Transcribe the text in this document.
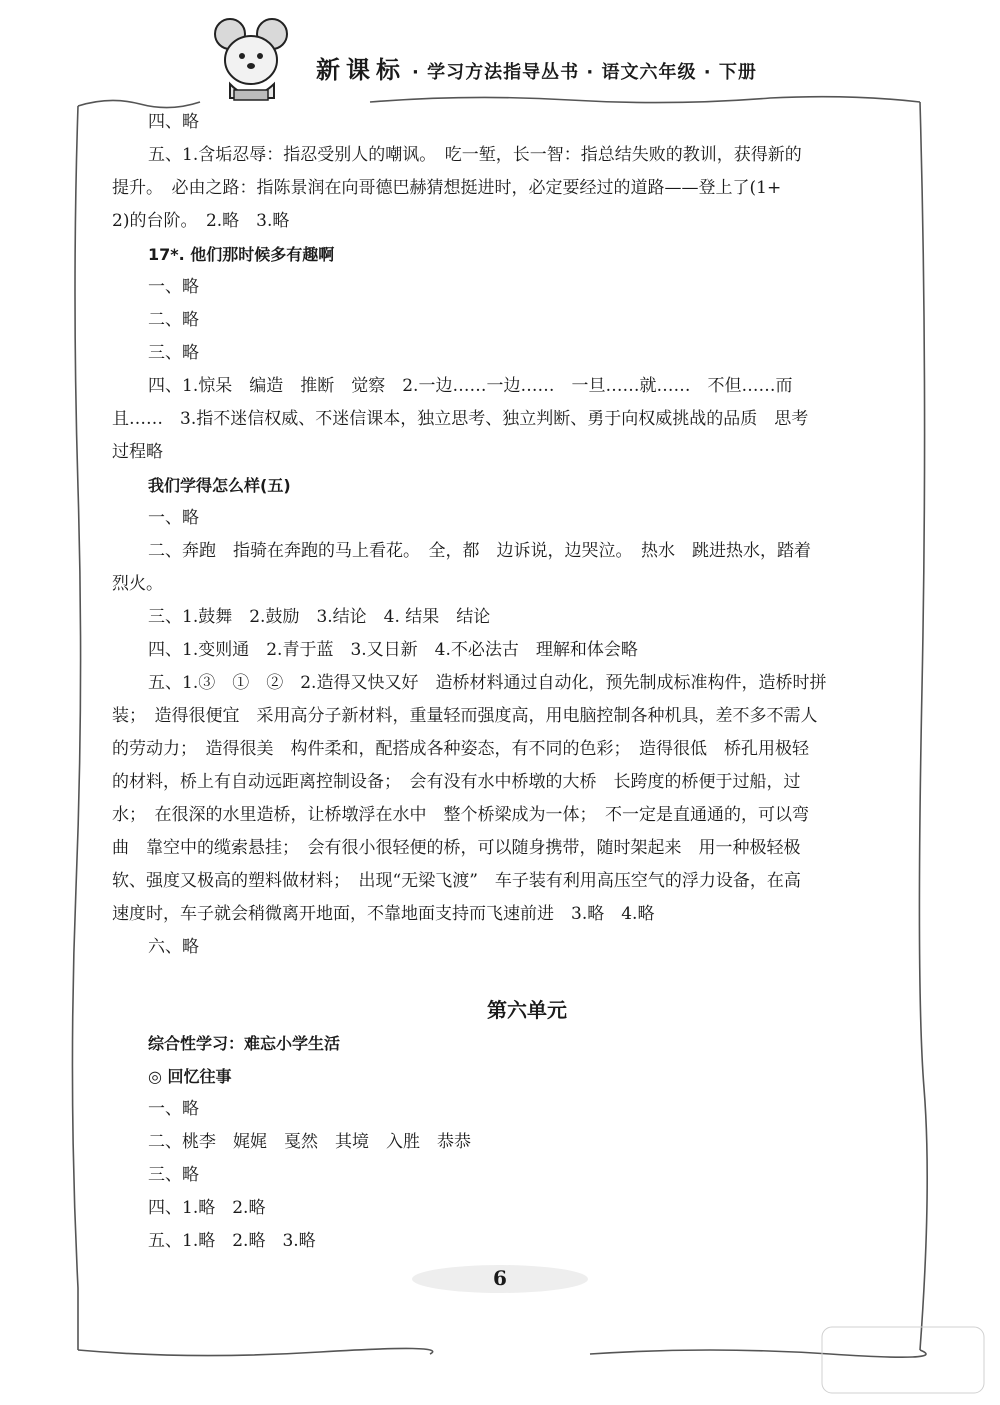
新课标 · 学习方法指导丛书 · 语文六年级 · 下册

四、略

五、1.含垢忍辱：指忍受别人的嘲讽。　吃一堑，长一智：指总结失败的教训，获得新的

提升。　必由之路：指陈景润在向哥德巴赫猜想挺进时，必定要经过的道路——登上了(1+

2)的台阶。　2.略　3.略

17*. 他们那时候多有趣啊

一、略

二、略

三、略

四、1.惊呆　编造　推断　觉察　2.一边……一边……　一旦……就……　不但……而

且……　3.指不迷信权威、不迷信课本，独立思考、独立判断、勇于向权威挑战的品质　思考

过程略

我们学得怎么样(五)

一、略

二、奔跑　指骑在奔跑的马上看花。　全，都　边诉说，边哭泣。　热水　跳进热水，踏着

烈火。

三、1.鼓舞　2.鼓励　3.结论　4. 结果　结论

四、1.变则通　2.青于蓝　3.又日新　4.不必法古　理解和体会略

五、1.③　①　②　2.造得又快又好　造桥材料通过自动化，预先制成标准构件，造桥时拼

装；　造得很便宜　采用高分子新材料，重量轻而强度高，用电脑控制各种机具，差不多不需人

的劳动力；　造得很美　构件柔和，配搭成各种姿态，有不同的色彩；　造得很低　桥孔用极轻

的材料，桥上有自动远距离控制设备；　会有没有水中桥墩的大桥　长跨度的桥便于过船，过

水；　在很深的水里造桥，让桥墩浮在水中　整个桥梁成为一体；　不一定是直通通的，可以弯

曲　靠空中的缆索悬挂；　会有很小很轻便的桥，可以随身携带，随时架起来　用一种极轻极

软、强度又极高的塑料做材料；　出现“无梁飞渡”　车子装有利用高压空气的浮力设备，在高

速度时，车子就会稍微离开地面，不靠地面支持而飞速前进　3.略　4.略

六、略

第六单元

综合性学习：难忘小学生活

◎ 回忆往事

一、略

二、桃李　娓娓　戛然　其境　入胜　恭恭

三、略

四、1.略　2.略

五、1.略　2.略　3.略

6
